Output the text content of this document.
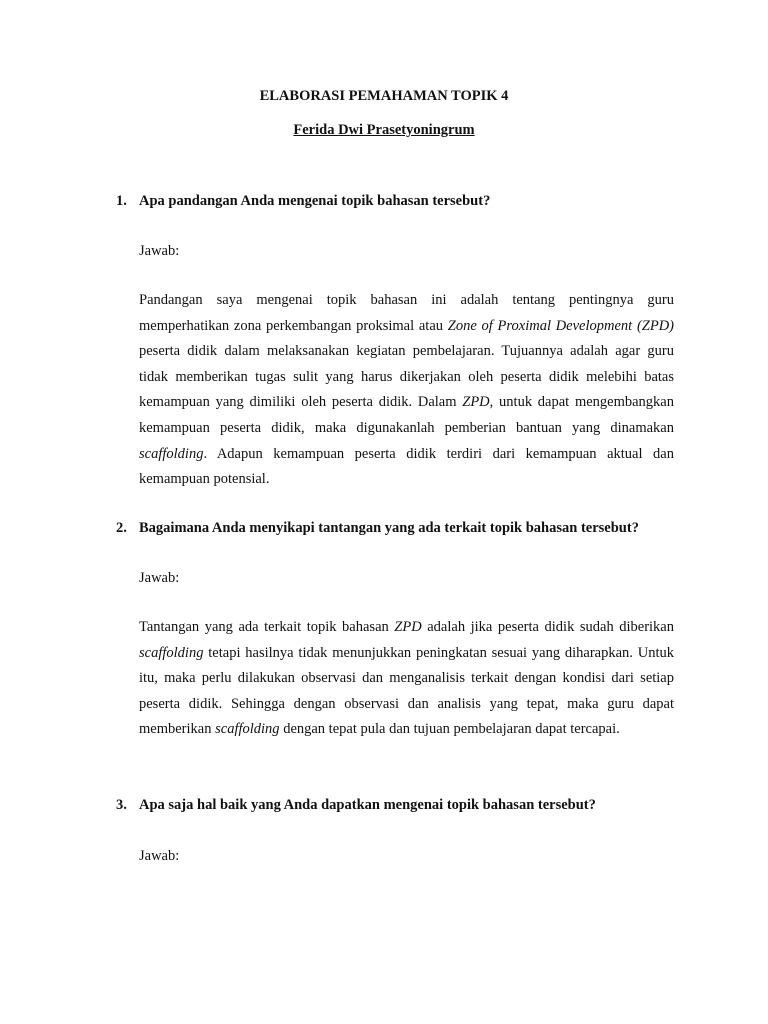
ELABORASI PEMAHAMAN TOPIK 4
Ferida Dwi Prasetyoningrum
1. Apa pandangan Anda mengenai topik bahasan tersebut?
Jawab:
Pandangan saya mengenai topik bahasan ini adalah tentang pentingnya guru memperhatikan zona perkembangan proksimal atau Zone of Proximal Development (ZPD) peserta didik dalam melaksanakan kegiatan pembelajaran. Tujuannya adalah agar guru tidak memberikan tugas sulit yang harus dikerjakan oleh peserta didik melebihi batas kemampuan yang dimiliki oleh peserta didik. Dalam ZPD, untuk dapat mengembangkan kemampuan peserta didik, maka digunakanlah pemberian bantuan yang dinamakan scaffolding. Adapun kemampuan peserta didik terdiri dari kemampuan aktual dan kemampuan potensial.
2. Bagaimana Anda menyikapi tantangan yang ada terkait topik bahasan tersebut?
Jawab:
Tantangan yang ada terkait topik bahasan ZPD adalah jika peserta didik sudah diberikan scaffolding tetapi hasilnya tidak menunjukkan peningkatan sesuai yang diharapkan. Untuk itu, maka perlu dilakukan observasi dan menganalisis terkait dengan kondisi dari setiap peserta didik. Sehingga dengan observasi dan analisis yang tepat, maka guru dapat memberikan scaffolding dengan tepat pula dan tujuan pembelajaran dapat tercapai.
3. Apa saja hal baik yang Anda dapatkan mengenai topik bahasan tersebut?
Jawab:
